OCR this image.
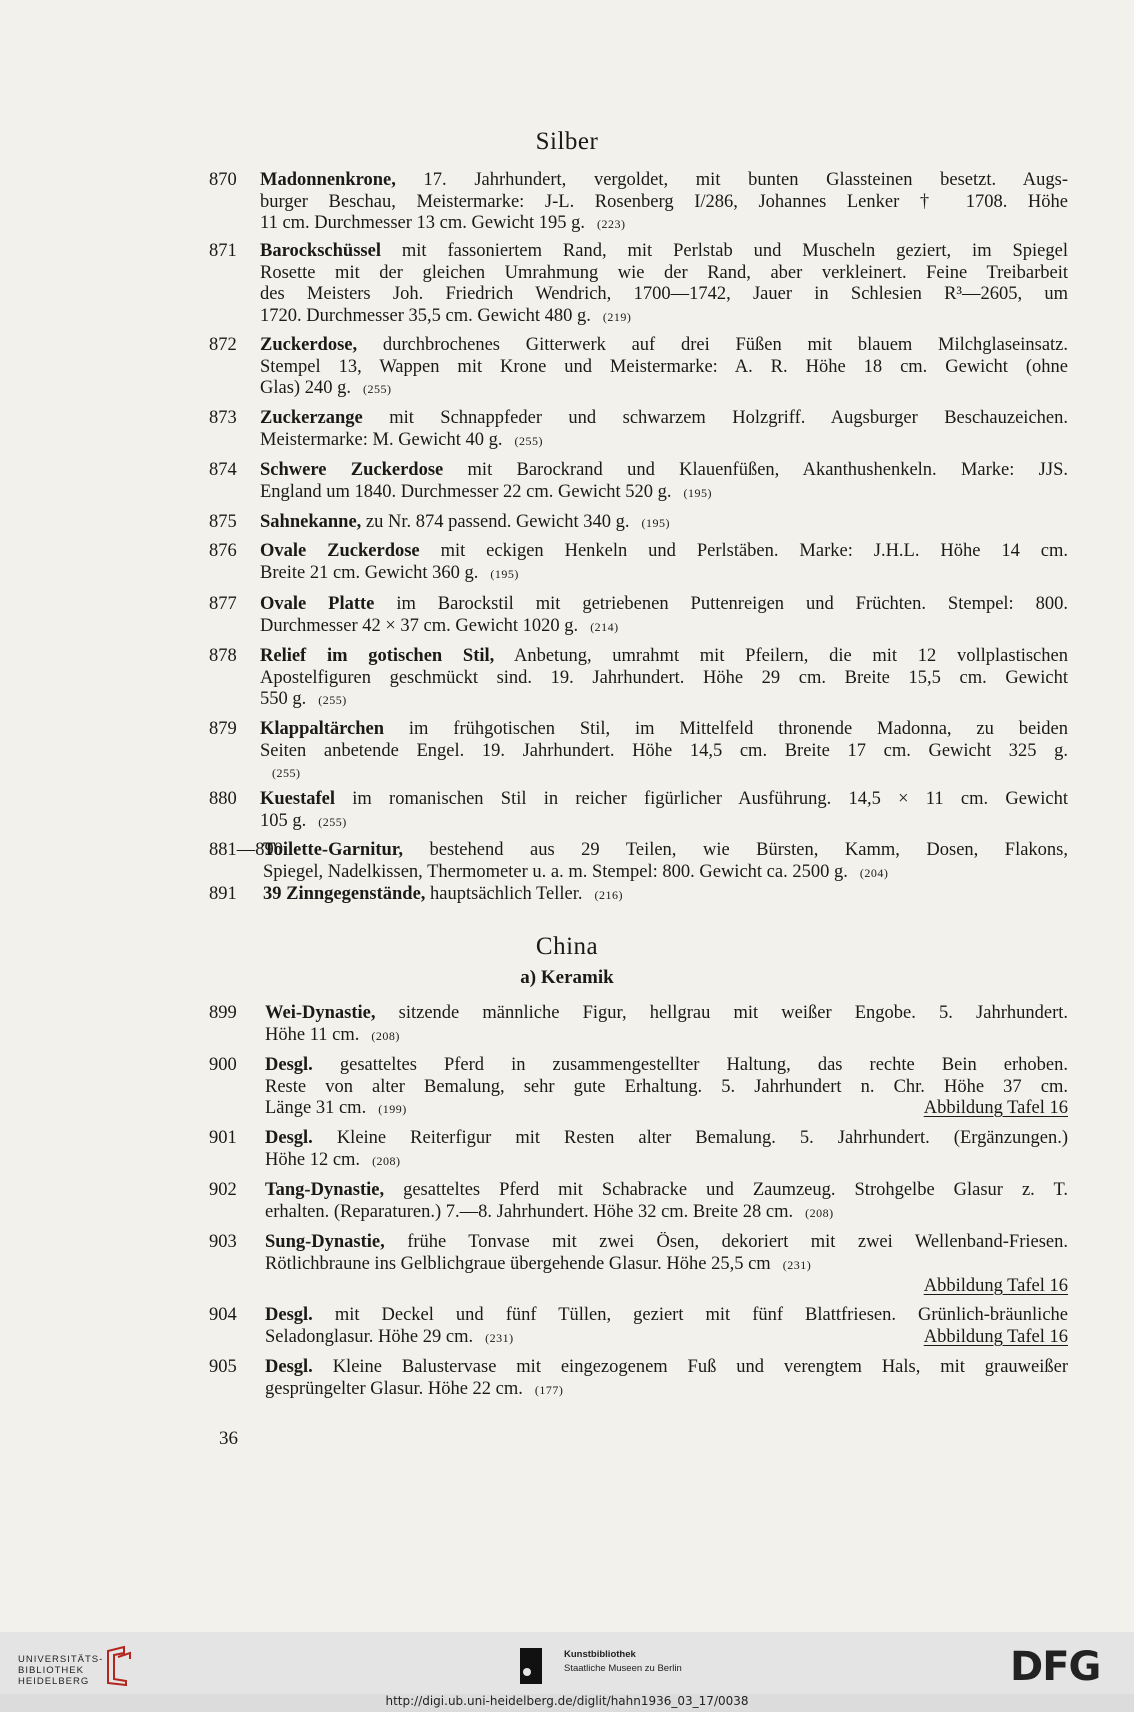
Silber
870 Madonnenkrone, 17. Jahrhundert, vergoldet, mit bunten Glassteinen besetzt. Augs-
burger Beschau, Meistermarke: J-L. Rosenberg I/286, Johannes Lenker † 1708. Höhe
11 cm. Durchmesser 13 cm. Gewicht 195 g. (223)
871 Barockschüssel mit fassoniertem Rand, mit Perlstab und Muscheln geziert, im Spiegel
Rosette mit der gleichen Umrahmung wie der Rand, aber verkleinert. Feine Treibarbeit
des Meisters Joh. Friedrich Wendrich, 1700—1742, Jauer in Schlesien R³—2605, um
1720. Durchmesser 35,5 cm. Gewicht 480 g. (219)
872 Zuckerdose, durchbrochenes Gitterwerk auf drei Füßen mit blauem Milchglaseinsatz.
Stempel 13, Wappen mit Krone und Meistermarke: A. R. Höhe 18 cm. Gewicht (ohne
Glas) 240 g. (255)
873 Zuckerzange mit Schnappfeder und schwarzem Holzgriff. Augsburger Beschauzeichen.
Meistermarke: M. Gewicht 40 g. (255)
874 Schwere Zuckerdose mit Barockrand und Klauenfüßen, Akanthushenkeln. Marke: JJS.
England um 1840. Durchmesser 22 cm. Gewicht 520 g. (195)
875 Sahnekanne, zu Nr. 874 passend. Gewicht 340 g. (195)
876 Ovale Zuckerdose mit eckigen Henkeln und Perlstäben. Marke: J.H.L. Höhe 14 cm.
Breite 21 cm. Gewicht 360 g. (195)
877 Ovale Platte im Barockstil mit getriebenen Puttenreigen und Früchten. Stempel: 800.
Durchmesser 42 × 37 cm. Gewicht 1020 g. (214)
878 Relief im gotischen Stil, Anbetung, umrahmt mit Pfeilern, die mit 12 vollplastischen
Apostelfiguren geschmückt sind. 19. Jahrhundert. Höhe 29 cm. Breite 15,5 cm. Gewicht
550 g. (255)
879 Klappaltärchen im frühgotischen Stil, im Mittelfeld thronende Madonna, zu beiden
Seiten anbetende Engel. 19. Jahrhundert. Höhe 14,5 cm. Breite 17 cm. Gewicht 325 g.
(255)
880 Kuestafel im romanischen Stil in reicher figürlicher Ausführung. 14,5 × 11 cm. Gewicht
105 g. (255)
881—890
Toilette-Garnitur, bestehend aus 29 Teilen, wie Bürsten, Kamm, Dosen, Flakons,
Spiegel, Nadelkissen, Thermometer u. a. m. Stempel: 800. Gewicht ca. 2500 g. (204)
891 39 Zinngegenstände, hauptsächlich Teller. (216)
China
a) Keramik
899 Wei-Dynastie, sitzende männliche Figur, hellgrau mit weißer Engobe. 5. Jahrhundert.
Höhe 11 cm. (208)
900 Desgl. gesatteltes Pferd in zusammengestellter Haltung, das rechte Bein erhoben.
Reste von alter Bemalung, sehr gute Erhaltung. 5. Jahrhundert n. Chr. Höhe 37 cm.
Länge 31 cm. (199)	Abbildung Tafel 16
901 Desgl. Kleine Reiterfigur mit Resten alter Bemalung. 5. Jahrhundert. (Ergänzungen.)
Höhe 12 cm. (208)
902 Tang-Dynastie, gesatteltes Pferd mit Schabracke und Zaumzeug. Strohgelbe Glasur z. T.
erhalten. (Reparaturen.) 7.—8. Jahrhundert. Höhe 32 cm. Breite 28 cm. (208)
903 Sung-Dynastie, frühe Tonvase mit zwei Ösen, dekoriert mit zwei Wellenband-Friesen.
Rötlichbraune ins Gelblichgraue übergehende Glasur. Höhe 25,5 cm (231)
Abbildung Tafel 16
904 Desgl. mit Deckel und fünf Tüllen, geziert mit fünf Blattfriesen. Grünlich-bräunliche
Seladonglasur. Höhe 29 cm. (231)	Abbildung Tafel 16
905 Desgl. Kleine Balustervase mit eingezogenem Fuß und verengtem Hals, mit grauweißer
gesprüngelter Glasur. Höhe 22 cm. (177)
36
UNIVERSITÄTS-
BIBLIOTHEK
HEIDELBERG
Kunstbibliothek
Staatliche Museen zu Berlin	DFG
http://digi.ub.uni-heidelberg.de/diglit/hahn1936_03_17/0038
